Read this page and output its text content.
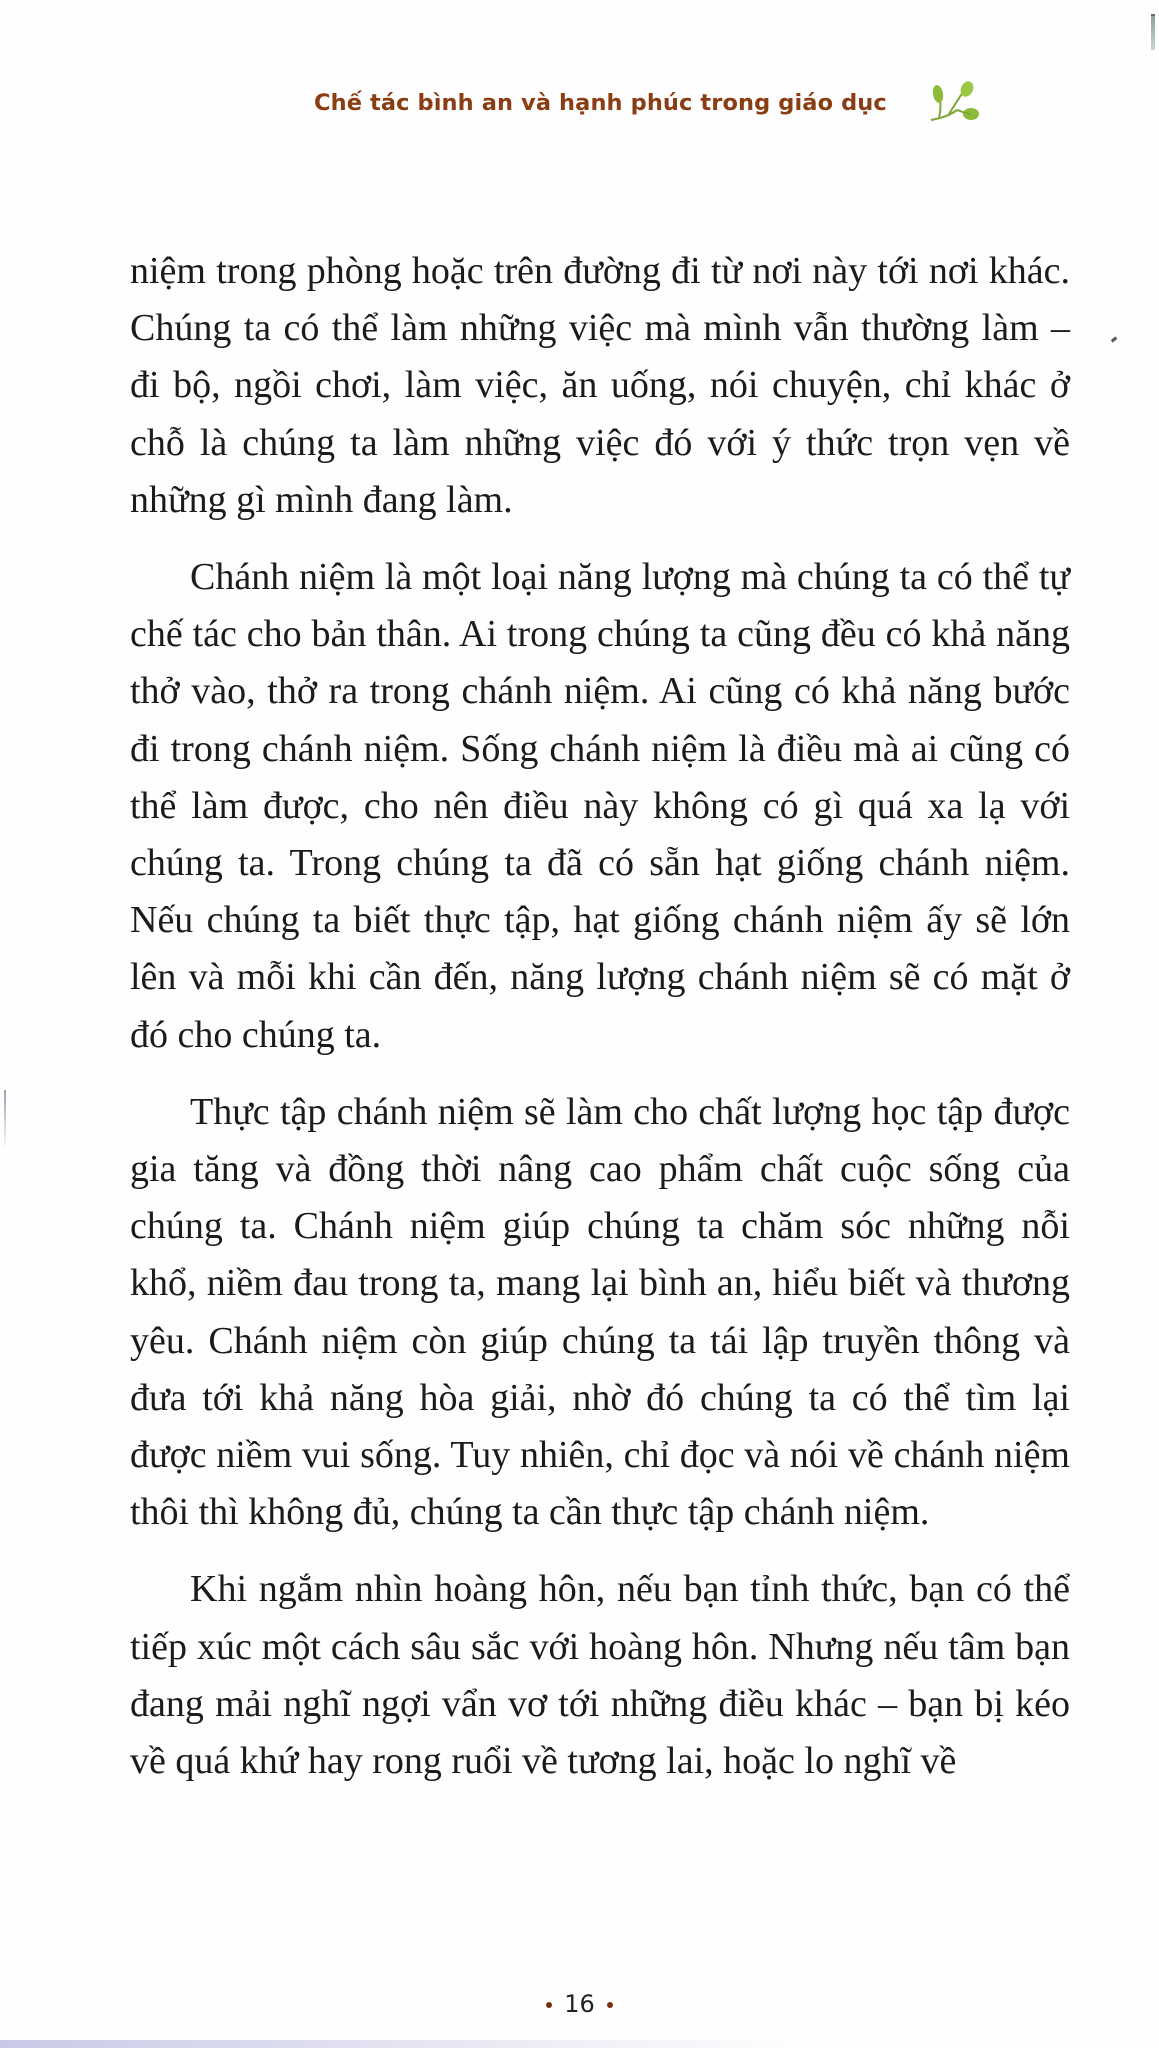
Chế tác bình an và hạnh phúc trong giáo dục

niệm trong phòng hoặc trên đường đi từ nơi này tới nơi khác. Chúng ta có thể làm những việc mà mình vẫn thường làm – đi bộ, ngồi chơi, làm việc, ăn uống, nói chuyện, chỉ khác ở chỗ là chúng ta làm những việc đó với ý thức trọn vẹn về những gì mình đang làm.

Chánh niệm là một loại năng lượng mà chúng ta có thể tự chế tác cho bản thân. Ai trong chúng ta cũng đều có khả năng thở vào, thở ra trong chánh niệm. Ai cũng có khả năng bước đi trong chánh niệm. Sống chánh niệm là điều mà ai cũng có thể làm được, cho nên điều này không có gì quá xa lạ với chúng ta. Trong chúng ta đã có sẵn hạt giống chánh niệm. Nếu chúng ta biết thực tập, hạt giống chánh niệm ấy sẽ lớn lên và mỗi khi cần đến, năng lượng chánh niệm sẽ có mặt ở đó cho chúng ta.

Thực tập chánh niệm sẽ làm cho chất lượng học tập được gia tăng và đồng thời nâng cao phẩm chất cuộc sống của chúng ta. Chánh niệm giúp chúng ta chăm sóc những nỗi khổ, niềm đau trong ta, mang lại bình an, hiểu biết và thương yêu. Chánh niệm còn giúp chúng ta tái lập truyền thông và đưa tới khả năng hòa giải, nhờ đó chúng ta có thể tìm lại được niềm vui sống. Tuy nhiên, chỉ đọc và nói về chánh niệm thôi thì không đủ, chúng ta cần thực tập chánh niệm.

Khi ngắm nhìn hoàng hôn, nếu bạn tỉnh thức, bạn có thể tiếp xúc một cách sâu sắc với hoàng hôn. Nhưng nếu tâm bạn đang mải nghĩ ngợi vẩn vơ tới những điều khác – bạn bị kéo về quá khứ hay rong ruổi về tương lai, hoặc lo nghĩ về

16
